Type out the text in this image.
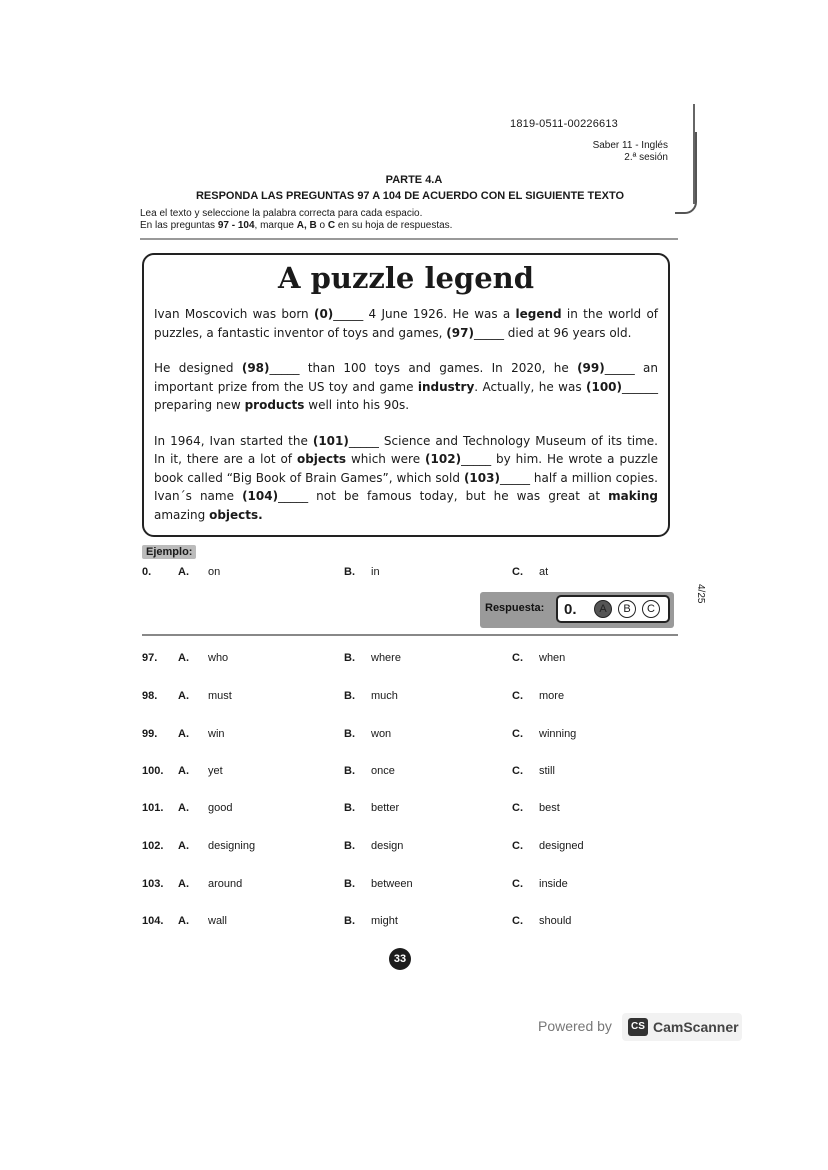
1819-0511-00226613
Saber 11 - Inglés
2.ª sesión
PARTE 4.A
RESPONDA LAS PREGUNTAS 97 A 104 DE ACUERDO CON EL SIGUIENTE TEXTO
Lea el texto y seleccione la palabra correcta para cada espacio.
En las preguntas 97 - 104, marque A, B o C en su hoja de respuestas.
A puzzle legend

Ivan Moscovich was born (0)_____ 4 June 1926. He was a legend in the world of puzzles, a fantastic inventor of toys and games, (97)_____ died at 96 years old.

He designed (98)_____ than 100 toys and games. In 2020, he (99)_____ an important prize from the US toy and game industry. Actually, he was (100)______ preparing new products well into his 90s.

In 1964, Ivan started the (101)_____ Science and Technology Museum of its time. In it, there are a lot of objects which were (102)_____ by him. He wrote a puzzle book called “Big Book of Brain Games”, which sold (103)_____ half a million copies. Ivan´s name (104)_____ not be famous today, but he was great at making amazing objects.

Ejemplo:
0. A. on	B. in	C. at
Respuesta: 0.	A	B	C
4/25
97. A. who	B. where	C. when
98. A. must	B. much	C. more
99. A. win	B. won	C. winning
100. A. yet	B. once	C. still
101. A. good	B. better	C. best
102. A. designing	B. design	C. designed
103. A. around	B. between	C. inside
104. A. wall	B. might	C. should
33
Powered by	CS CamScanner
